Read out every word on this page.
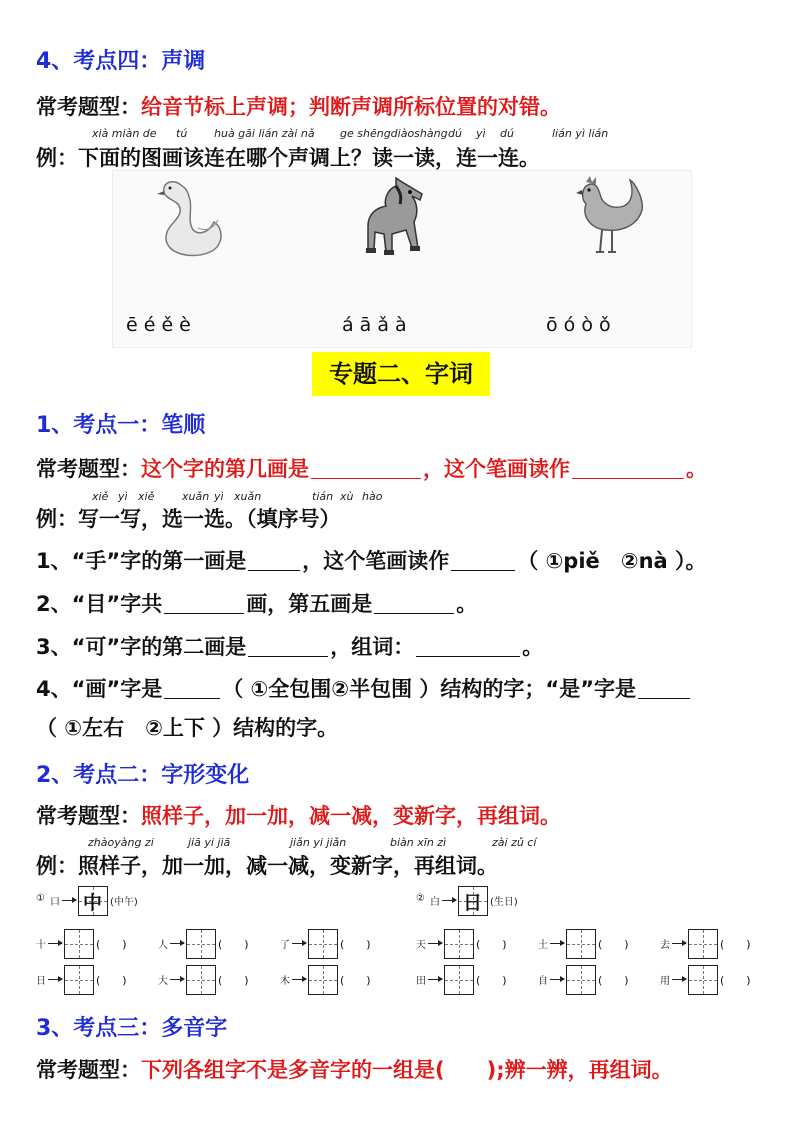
4、考点四：声调
常考题型：给音节标上声调；判断声调所标位置的对错。
xià miàn de tú huà gāi lián zài nǎ ge shēngdiàoshàng dú yì dú	lián yì lián
例：下面的图画该连在哪个声调上？读一读，连一连。
ē é ě è	á ā ǎ à	ō ó ò ǒ
专题二、字词
1、考点一：笔顺
常考题型：这个字的第几画是	，这个笔画读作	。
xiě yì xiě	xuǎn yì xuǎn	tián xù hào
例：写一写，选一选。（填序号）
1、“手”字的第一画是	，这个笔画读作	（ ①piě　②nà ）。
2、“目”字共	画，第五画是	。
3、“可”字的第二画是	，组词：	。
4、“画”字是	（ ①全包围②半包围 ）结构的字；“是”字是
（ ①左右　②上下 ）结构的字。
2、考点二：字形变化
常考题型：照样子，加一加，减一减，变新字，再组词。
zhàoyàng zi	jiā yi jiā	jiǎn yi jiǎn	biàn xīn zì	zài zǔ cí
例：照样子，加一加，减一减，变新字，再组词。
① 口 中 (中午)	② 白 日 (生日)
十	(　　)	人	(　　)	了	(　　)	天	(　　)	土	(　　)	去	(　　)
日	(　　)	大	(　　)	木	(　　)	田	(　　)	自	(　　)	用	(　　)
3、考点三：多音字
常考题型：下列各组字不是多音字的一组是(　　);辨一辨，再组词。
